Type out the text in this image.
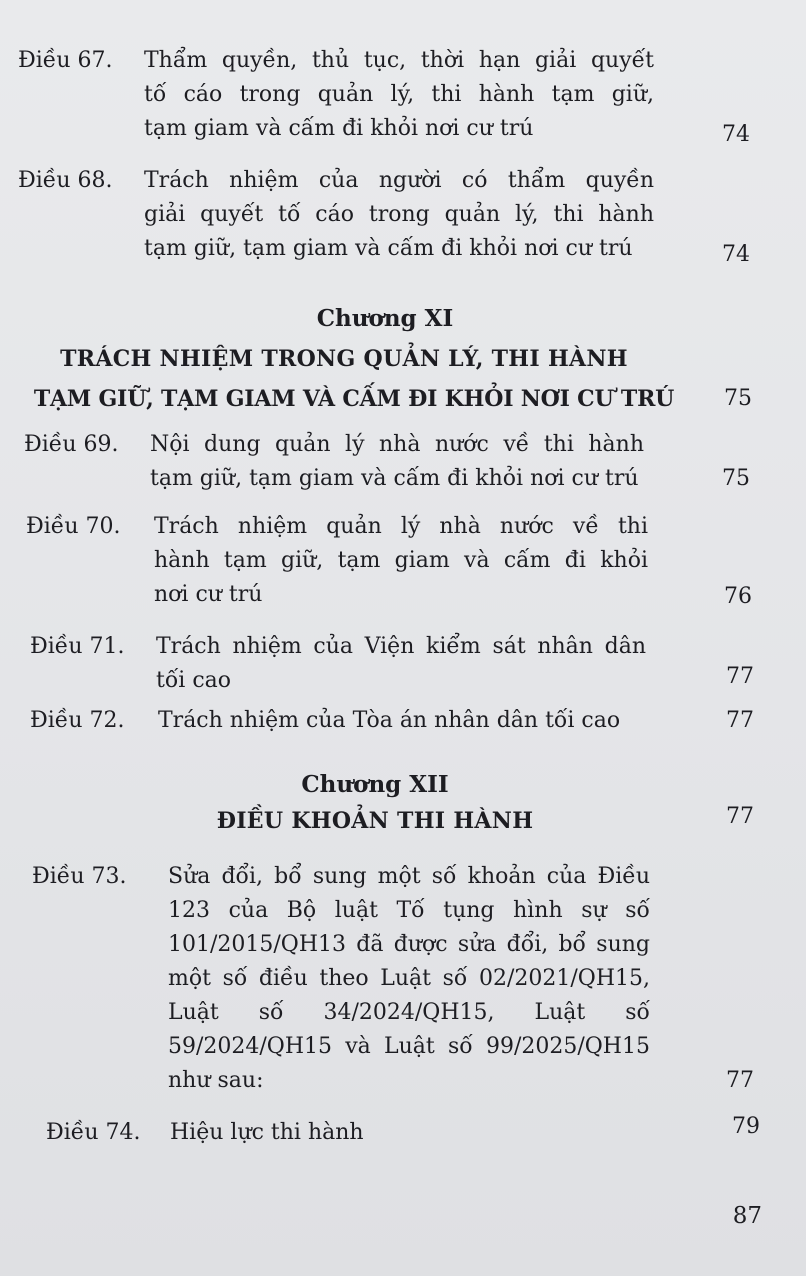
Điều 67. Thẩm quyền, thủ tục, thời hạn giải quyết
tố cáo trong quản lý, thi hành tạm giữ,
tạm giam và cấm đi khỏi nơi cư trú	74
Điều 68. Trách nhiệm của người có thẩm quyền
giải quyết tố cáo trong quản lý, thi hành
tạm giữ, tạm giam và cấm đi khỏi nơi cư trú	74
Chương XI
TRÁCH NHIỆM TRONG QUẢN LÝ, THI HÀNH
TẠM GIỮ, TẠM GIAM VÀ CẤM ĐI KHỎI NƠI CƯ TRÚ	75
Điều 69. Nội dung quản lý nhà nước về thi hành
tạm giữ, tạm giam và cấm đi khỏi nơi cư trú	75
Điều 70. Trách nhiệm quản lý nhà nước về thi
hành tạm giữ, tạm giam và cấm đi khỏi
nơi cư trú	76
Điều 71. Trách nhiệm của Viện kiểm sát nhân dân
tối cao	77
Điều 72. Trách nhiệm của Tòa án nhân dân tối cao	77
Chương XII
ĐIỀU KHOẢN THI HÀNH	77
Điều 73. Sửa đổi, bổ sung một số khoản của Điều
123 của Bộ luật Tố tụng hình sự số
101/2015/QH13 đã được sửa đổi, bổ sung
một số điều theo Luật số 02/2021/QH15,
Luật số 34/2024/QH15, Luật số
59/2024/QH15 và Luật số 99/2025/QH15
như sau:	77
Điều 74. Hiệu lực thi hành	79
87
